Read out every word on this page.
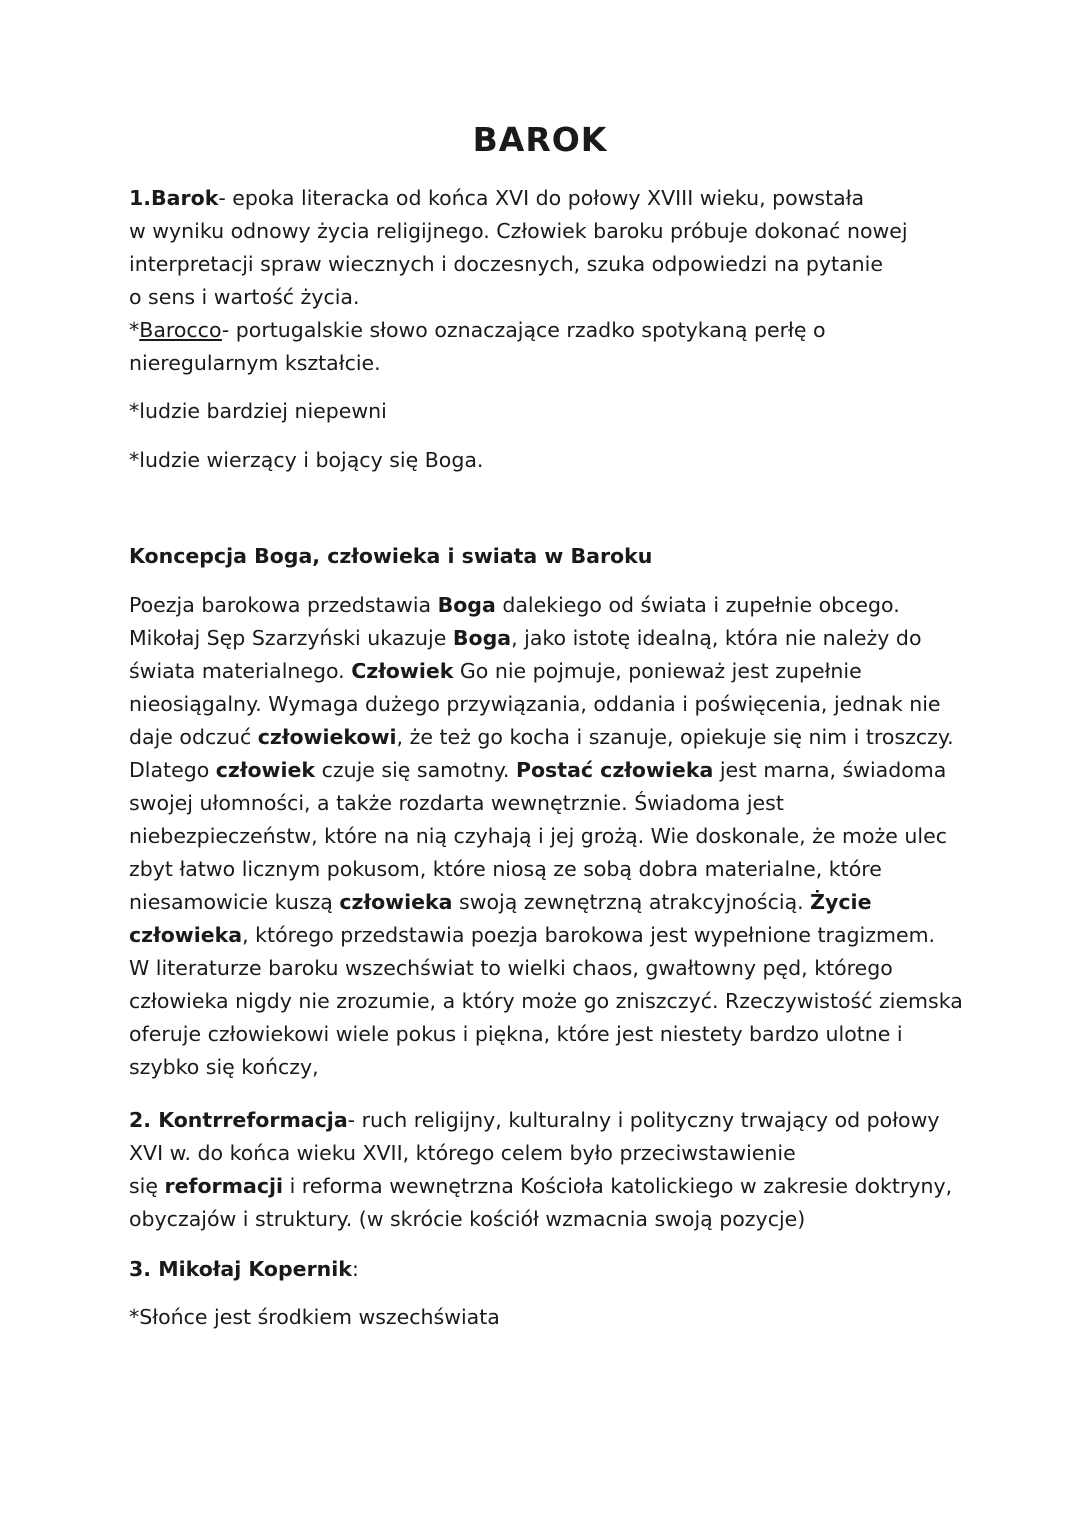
BAROK
1.Barok- epoka literacka od końca XVI do połowy XVIII wieku, powstała
w wyniku odnowy życia religijnego. Człowiek baroku próbuje dokonać nowej
interpretacji spraw wiecznych i doczesnych, szuka odpowiedzi na pytanie
o sens i wartość życia.
*Barocco- portugalskie słowo oznaczające rzadko spotykaną perłę o
nieregularnym kształcie.
*ludzie bardziej niepewni
*ludzie wierzący i bojący się Boga.
Koncepcja Boga, człowieka i swiata w Baroku
Poezja barokowa przedstawia Boga dalekiego od świata i zupełnie obcego.
Mikołaj Sęp Szarzyński ukazuje Boga, jako istotę idealną, która nie należy do
świata materialnego. Człowiek Go nie pojmuje, ponieważ jest zupełnie
nieosiągalny. Wymaga dużego przywiązania, oddania i poświęcenia, jednak nie
daje odczuć człowiekowi, że też go kocha i szanuje, opiekuje się nim i troszczy.
Dlatego człowiek czuje się samotny. Postać człowieka jest marna, świadoma
swojej ułomności, a także rozdarta wewnętrznie. Świadoma jest
niebezpieczeństw, które na nią czyhają i jej grożą. Wie doskonale, że może ulec
zbyt łatwo licznym pokusom, które niosą ze sobą dobra materialne, które
niesamowicie kuszą człowieka swoją zewnętrzną atrakcyjnością. Życie
człowieka, którego przedstawia poezja barokowa jest wypełnione tragizmem.
W literaturze baroku wszechświat to wielki chaos, gwałtowny pęd, którego
człowieka nigdy nie zrozumie, a który może go zniszczyć. Rzeczywistość ziemska
oferuje człowiekowi wiele pokus i piękna, które jest niestety bardzo ulotne i
szybko się kończy,
2. Kontrreformacja- ruch religijny, kulturalny i polityczny trwający od połowy
XVI w. do końca wieku XVII, którego celem było przeciwstawienie
się reformacji i reforma wewnętrzna Kościoła katolickiego w zakresie doktryny,
obyczajów i struktury. (w skrócie kościół wzmacnia swoją pozycje)
3. Mikołaj Kopernik:
*Słońce jest środkiem wszechświata
